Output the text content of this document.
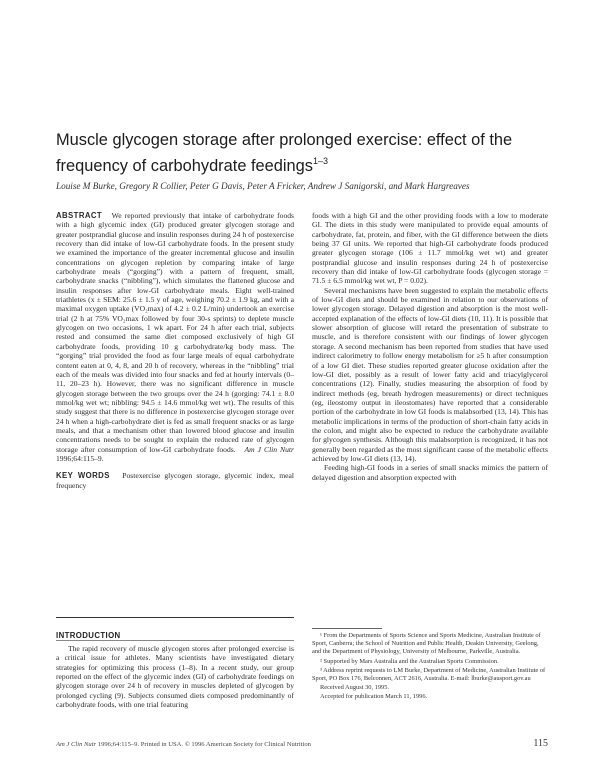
Muscle glycogen storage after prolonged exercise: effect of the frequency of carbohydrate feedings$^{1-3}$
Louise M Burke, Gregory R Collier, Peter G Davis, Peter A Fricker, Andrew J Sanigorski, and Mark Hargreaves

ABSTRACT We reported previously that intake of carbohydrate foods with a high glycemic index (GI) produced greater glycogen storage and greater postprandial glucose and insulin responses during 24 h of postexercise recovery than did intake of low-GI carbohydrate foods. In the present study we examined the importance of the greater incremental glucose and insulin concentrations on glycogen repletion by comparing intake of large carbohydrate meals (“gorging”) with a pattern of frequent, small, carbohydrate snacks (“nibbling”), which simulates the flattened glucose and insulin responses after low-GI carbohydrate meals. Eight well-trained triathletes (x ± SEM: 25.6 ± 1.5 y of age, weighing 70.2 ± 1.9 kg, and with a maximal oxygen uptake (VO₂max) of 4.2 ± 0.2 L/min) undertook an exercise trial (2 h at 75% VO₂max followed by four 30-s sprints) to deplete muscle glycogen on two occasions, 1 wk apart. For 24 h after each trial, subjects rested and consumed the same diet composed exclusively of high GI carbohydrate foods, providing 10 g carbohydrate/kg body mass. The “gorging” trial provided the food as four large meals of equal carbohydrate content eaten at 0, 4, 8, and 20 h of recovery, whereas in the “nibbling” trial each of the meals was divided into four snacks and fed at hourly intervals (0–11, 20–23 h). However, there was no significant difference in muscle glycogen storage between the two groups over the 24 h (gorging: 74.1 ± 8.0 mmol/kg wet wt; nibbling: 94.5 ± 14.6 mmol/kg wet wt). The results of this study suggest that there is no difference in postexercise glycogen storage over 24 h when a high-carbohydrate diet is fed as small frequent snacks or as large meals, and that a mechanism other than lowered blood glucose and insulin concentrations needs to be sought to explain the reduced rate of glycogen storage after consumption of low-GI carbohydrate foods. Am J Clin Nutr 1996;64:115–9.

KEY WORDS Postexercise glycogen storage, glycemic index, meal frequency

foods with a high GI and the other providing foods with a low to moderate GI. The diets in this study were manipulated to provide equal amounts of carbohydrate, fat, protein, and fiber, with the GI difference between the diets being 37 GI units. We reported that high-GI carbohydrate foods produced greater glycogen storage (106 ± 11.7 mmol/kg wet wt) and greater postprandial glucose and insulin responses during 24 h of postexercise recovery than did intake of low-GI carbohydrate foods (glycogen storage = 71.5 ± 6.5 mmol/kg wet wt, P = 0.02).

Several mechanisms have been suggested to explain the metabolic effects of low-GI diets and should be examined in relation to our observations of lower glycogen storage. Delayed digestion and absorption is the most well-accepted explanation of the effects of low-GI diets (10, 11). It is possible that slower absorption of glucose will retard the presentation of substrate to muscle, and is therefore consistent with our findings of lower glycogen storage. A second mechanism has been reported from studies that have used indirect calorimetry to follow energy metabolism for ≥5 h after consumption of a low GI diet. These studies reported greater glucose oxidation after the low-GI diet, possibly as a result of lower fatty acid and triacylglycerol concentrations (12). Finally, studies measuring the absorption of food by indirect methods (eg, breath hydrogen measurements) or direct techniques (eg, ileostomy output in ileostomates) have reported that a considerable portion of the carbohydrate in low GI foods is malabsorbed (13, 14). This has metabolic implications in terms of the production of short-chain fatty acids in the colon, and might also be expected to reduce the carbohydrate available for glycogen synthesis. Although this malabsorption is recognized, it has not generally been regarded as the most significant cause of the metabolic effects achieved by low-GI diets (13, 14).

Feeding high-GI foods in a series of small snacks mimics the pattern of delayed digestion and absorption expected with

INTRODUCTION

The rapid recovery of muscle glycogen stores after prolonged exercise is a critical issue for athletes. Many scientists have investigated dietary strategies for optimizing this process (1–8). In a recent study, our group reported on the effect of the glycemic index (GI) of carbohydrate feedings on glycogen storage over 24 h of recovery in muscles depleted of glycogen by prolonged cycling (9). Subjects consumed diets composed predominantly of carbohydrate foods, with one trial featuring

¹ From the Departments of Sports Science and Sports Medicine, Australian Institute of Sport, Canberra; the School of Nutrition and Public Health, Deakin University, Geelong, and the Department of Physiology, University of Melbourne, Parkville, Australia.

² Supported by Mars Australia and the Australian Sports Commission.

³ Address reprint requests to LM Burke, Department of Medicine, Australian Institute of Sport, PO Box 176, Belconnen, ACT 2616, Australia. E-mail: lburke@ausport.gov.au

Received August 30, 1995.

Accepted for publication March 11, 1996.

Am J Clin Nutr 1996;64:115–9. Printed in USA. © 1996 American Society for Clinical Nutrition	115
